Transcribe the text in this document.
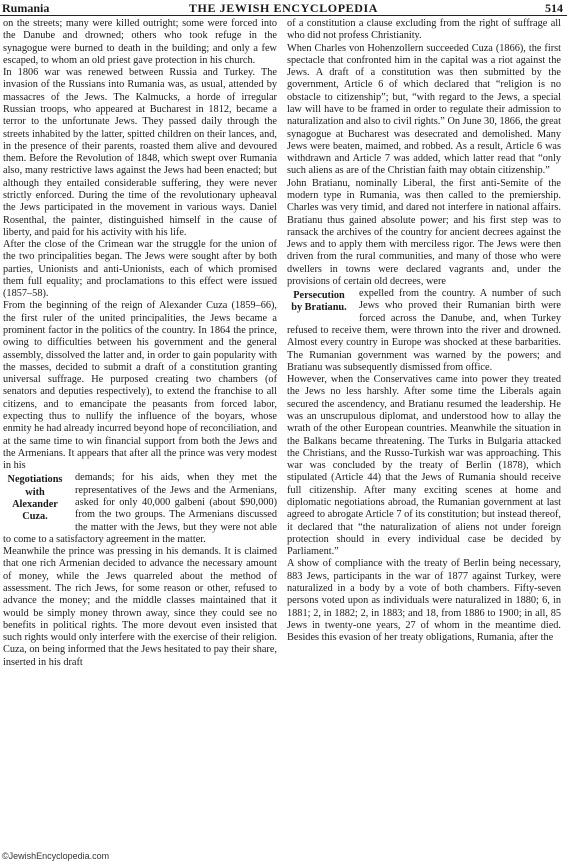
Rumania	THE JEWISH ENCYCLOPEDIA	514

on the streets; many were killed outright; some were forced into the Danube and drowned; others who took refuge in the synagogue were burned to death in the building; and only a few escaped, to whom an old priest gave protection in his church.

In 1806 war was renewed between Russia and Turkey. The invasion of the Russians into Rumania was, as usual, attended by massacres of the Jews. The Kalmucks, a horde of irregular Russian troops, who appeared at Bucharest in 1812, became a terror to the unfortunate Jews. They passed daily through the streets inhabited by the latter, spitted children on their lances, and, in the presence of their parents, roasted them alive and devoured them. Before the Revolution of 1848, which swept over Rumania also, many restrictive laws against the Jews had been enacted; but although they entailed considerable suffering, they were never strictly enforced. During the time of the revolutionary upheaval the Jews participated in the movement in various ways. Daniel Rosenthal, the painter, distinguished himself in the cause of liberty, and paid for his activity with his life.

After the close of the Crimean war the struggle for the union of the two principalities began. The Jews were sought after by both parties, Unionists and anti-Unionists, each of which promised them full equality; and proclamations to this effect were issued (1857–58).

From the beginning of the reign of Alexander Cuza (1859–66), the first ruler of the united principalities, the Jews became a prominent factor in the politics of the country. In 1864 the prince, owing to difficulties between his government and the general assembly, dissolved the latter and, in order to gain popularity with the masses, decided to submit a draft of a constitution granting universal suffrage. He purposed creating two chambers (of senators and deputies respectively), to extend the franchise to all citizens, and to emancipate the peasants from forced labor, expecting thus to nullify the influence of the boyars, whose enmity he had already incurred beyond hope of reconciliation, and at the same time to win financial support from both the Jews and the Armenians. It appears that after all the prince was very modest in his

Negotiations with Alexander Cuza.
demands; for his aids, when they met the representatives of the Jews and the Armenians, asked for only 40,000 galbeni (about $90,000) from the two groups. The Armenians discussed the matter with the Jews, but they were not able to come to a satisfactory agreement in the matter.

Meanwhile the prince was pressing in his demands. It is claimed that one rich Armenian decided to advance the necessary amount of money, while the Jews quarreled about the method of assessment. The rich Jews, for some reason or other, refused to advance the money; and the middle classes maintained that it would be simply money thrown away, since they could see no benefits in political rights. The more devout even insisted that such rights would only interfere with the exercise of their religion. Cuza, on being informed that the Jews hesitated to pay their share, inserted in his draft

of a constitution a clause excluding from the right of suffrage all who did not profess Christianity.

When Charles von Hohenzollern succeeded Cuza (1866), the first spectacle that confronted him in the capital was a riot against the Jews. A draft of a constitution was then submitted by the government, Article 6 of which declared that “religion is no obstacle to citizenship”; but, “with regard to the Jews, a special law will have to be framed in order to regulate their admission to naturalization and also to civil rights.” On June 30, 1866, the great synagogue at Bucharest was desecrated and demolished. Many Jews were beaten, maimed, and robbed. As a result, Article 6 was withdrawn and Article 7 was added, which latter read that “only such aliens as are of the Christian faith may obtain citizenship.”

John Bratianu, nominally Liberal, the first anti-Semite of the modern type in Rumania, was then called to the premiership. Charles was very timid, and dared not interfere in national affairs. Bratianu thus gained absolute power; and his first step was to ransack the archives of the country for ancient decrees against the Jews and to apply them with merciless rigor. The Jews were then driven from the rural communities, and many of those who were dwellers in towns were declared vagrants and, under the provisions of certain old decrees, were

Persecution by Bratianu.
expelled from the country. A number of such Jews who proved their Rumanian birth were forced across the Danube, and, when Turkey refused to receive them, were thrown into the river and drowned. Almost every country in Europe was shocked at these barbarities. The Rumanian government was warned by the powers; and Bratianu was subsequently dismissed from office.

However, when the Conservatives came into power they treated the Jews no less harshly. After some time the Liberals again secured the ascendency, and Bratianu resumed the leadership. He was an unscrupulous diplomat, and understood how to allay the wrath of the other European countries. Meanwhile the situation in the Balkans became threatening. The Turks in Bulgaria attacked the Christians, and the Russo-Turkish war was approaching. This war was concluded by the treaty of Berlin (1878), which stipulated (Article 44) that the Jews of Rumania should receive full citizenship. After many exciting scenes at home and diplomatic negotiations abroad, the Rumanian government at last agreed to abrogate Article 7 of its constitution; but instead thereof, it declared that “the naturalization of aliens not under foreign protection should in every individual case be decided by Parliament.”

A show of compliance with the treaty of Berlin being necessary, 883 Jews, participants in the war of 1877 against Turkey, were naturalized in a body by a vote of both chambers. Fifty-seven persons voted upon as individuals were naturalized in 1880; 6, in 1881; 2, in 1882; 2, in 1883; and 18, from 1886 to 1900; in all, 85 Jews in twenty-one years, 27 of whom in the meantime died. Besides this evasion of her treaty obligations, Rumania, after the

©JewishEncyclopedia.com
